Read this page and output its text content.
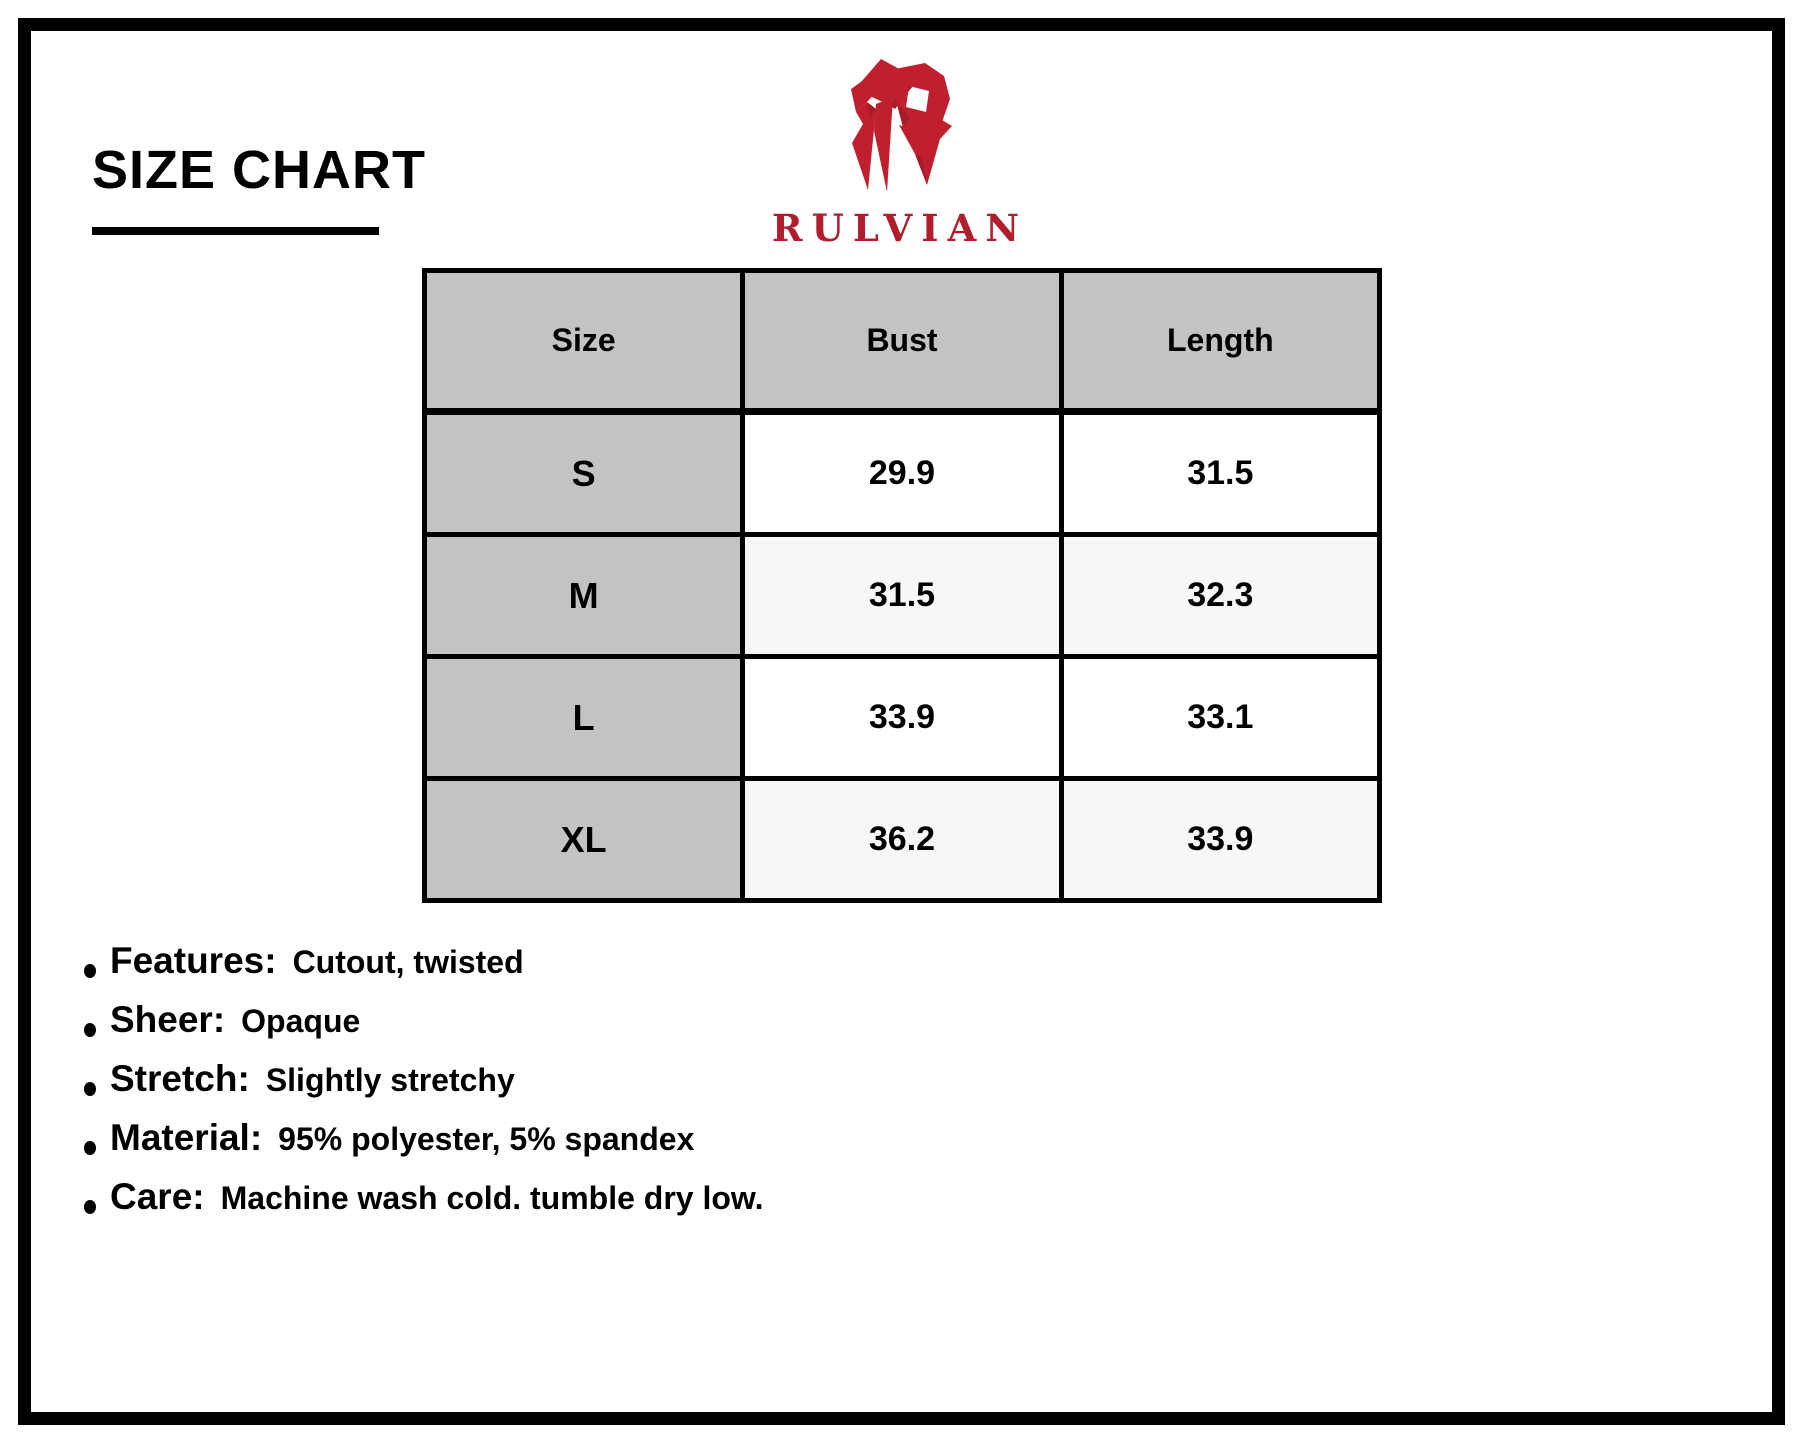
SIZE CHART
RULVIAN
Size	Bust	Length
S	29.9	31.5
M	31.5	32.3
L	33.9	33.1
XL	36.2	33.9
Features: Cutout, twisted
Sheer: Opaque
Stretch: Slightly stretchy
Material: 95% polyester, 5% spandex
Care: Machine wash cold. tumble dry low.
